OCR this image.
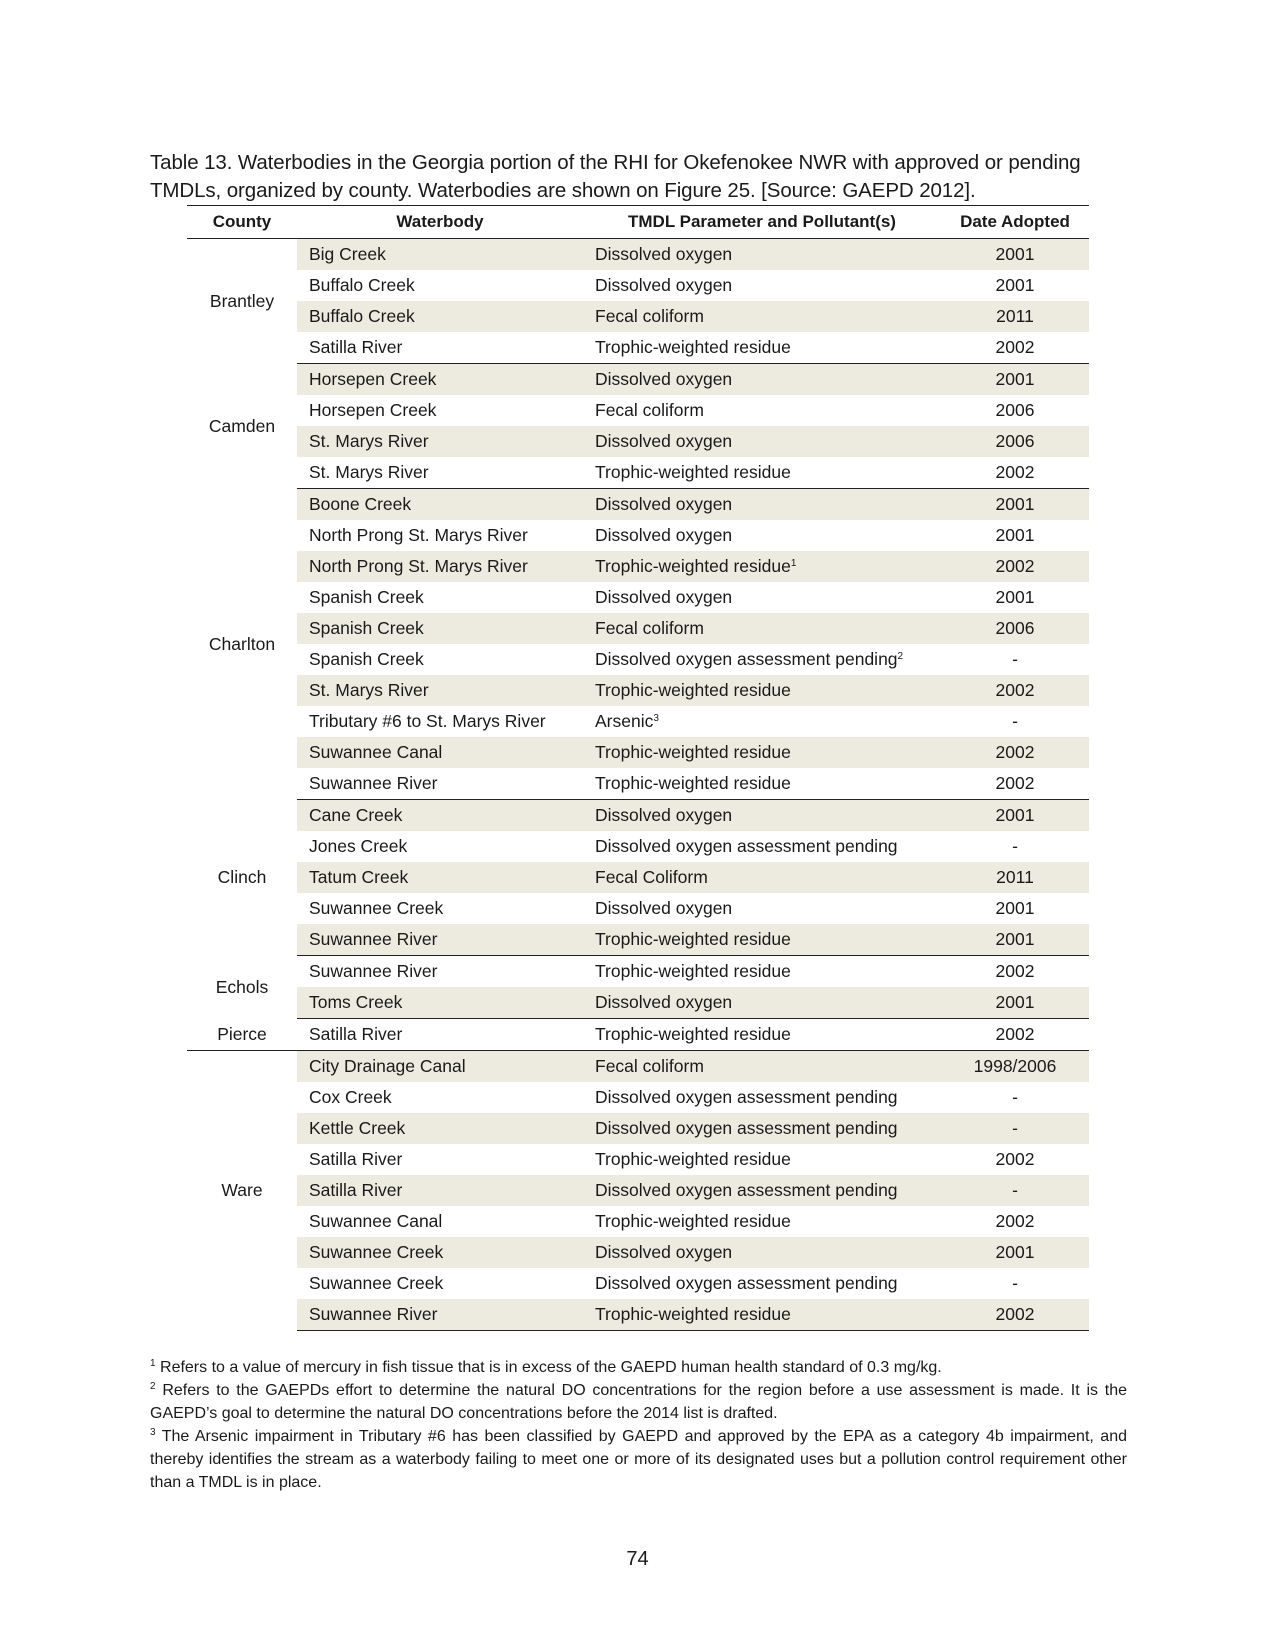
Table 13. Waterbodies in the Georgia portion of the RHI for Okefenokee NWR with approved or pending TMDLs, organized by county. Waterbodies are shown on Figure 25. [Source: GAEPD 2012].
County	Waterbody	TMDL Parameter and Pollutant(s)	Date Adopted
Brantley	Big Creek	Dissolved oxygen	2001
	Buffalo Creek	Dissolved oxygen	2001
	Buffalo Creek	Fecal coliform	2011
	Satilla River	Trophic-weighted residue	2002
Camden	Horsepen Creek	Dissolved oxygen	2001
	Horsepen Creek	Fecal coliform	2006
	St. Marys River	Dissolved oxygen	2006
	St. Marys River	Trophic-weighted residue	2002
Charlton	Boone Creek	Dissolved oxygen	2001
	North Prong St. Marys River	Dissolved oxygen	2001
	North Prong St. Marys River	Trophic-weighted residue$^1$	2002
	Spanish Creek	Dissolved oxygen	2001
	Spanish Creek	Fecal coliform	2006
	Spanish Creek	Dissolved oxygen assessment pending$^2$	-
	St. Marys River	Trophic-weighted residue	2002
	Tributary #6 to St. Marys River	Arsenic$^3$	-
	Suwannee Canal	Trophic-weighted residue	2002
	Suwannee River	Trophic-weighted residue	2002
Clinch	Cane Creek	Dissolved oxygen	2001
	Jones Creek	Dissolved oxygen assessment pending	-
	Tatum Creek	Fecal Coliform	2011
	Suwannee Creek	Dissolved oxygen	2001
	Suwannee River	Trophic-weighted residue	2001
Echols	Suwannee River	Trophic-weighted residue	2002
	Toms Creek	Dissolved oxygen	2001
Pierce	Satilla River	Trophic-weighted residue	2002
Ware	City Drainage Canal	Fecal coliform	1998/2006
	Cox Creek	Dissolved oxygen assessment pending	-
	Kettle Creek	Dissolved oxygen assessment pending	-
	Satilla River	Trophic-weighted residue	2002
	Satilla River	Dissolved oxygen assessment pending	-
	Suwannee Canal	Trophic-weighted residue	2002
	Suwannee Creek	Dissolved oxygen	2001
	Suwannee Creek	Dissolved oxygen assessment pending	-
	Suwannee River	Trophic-weighted residue	2002

$^1$ Refers to a value of mercury in fish tissue that is in excess of the GAEPD human health standard of 0.3 mg/kg.

$^2$ Refers to the GAEPDs effort to determine the natural DO concentrations for the region before a use assessment is made. It is the GAEPD’s goal to determine the natural DO concentrations before the 2014 list is drafted.

$^3$ The Arsenic impairment in Tributary #6 has been classified by GAEPD and approved by the EPA as a category 4b impairment, and thereby identifies the stream as a waterbody failing to meet one or more of its designated uses but a pollution control requirement other than a TMDL is in place.

74
